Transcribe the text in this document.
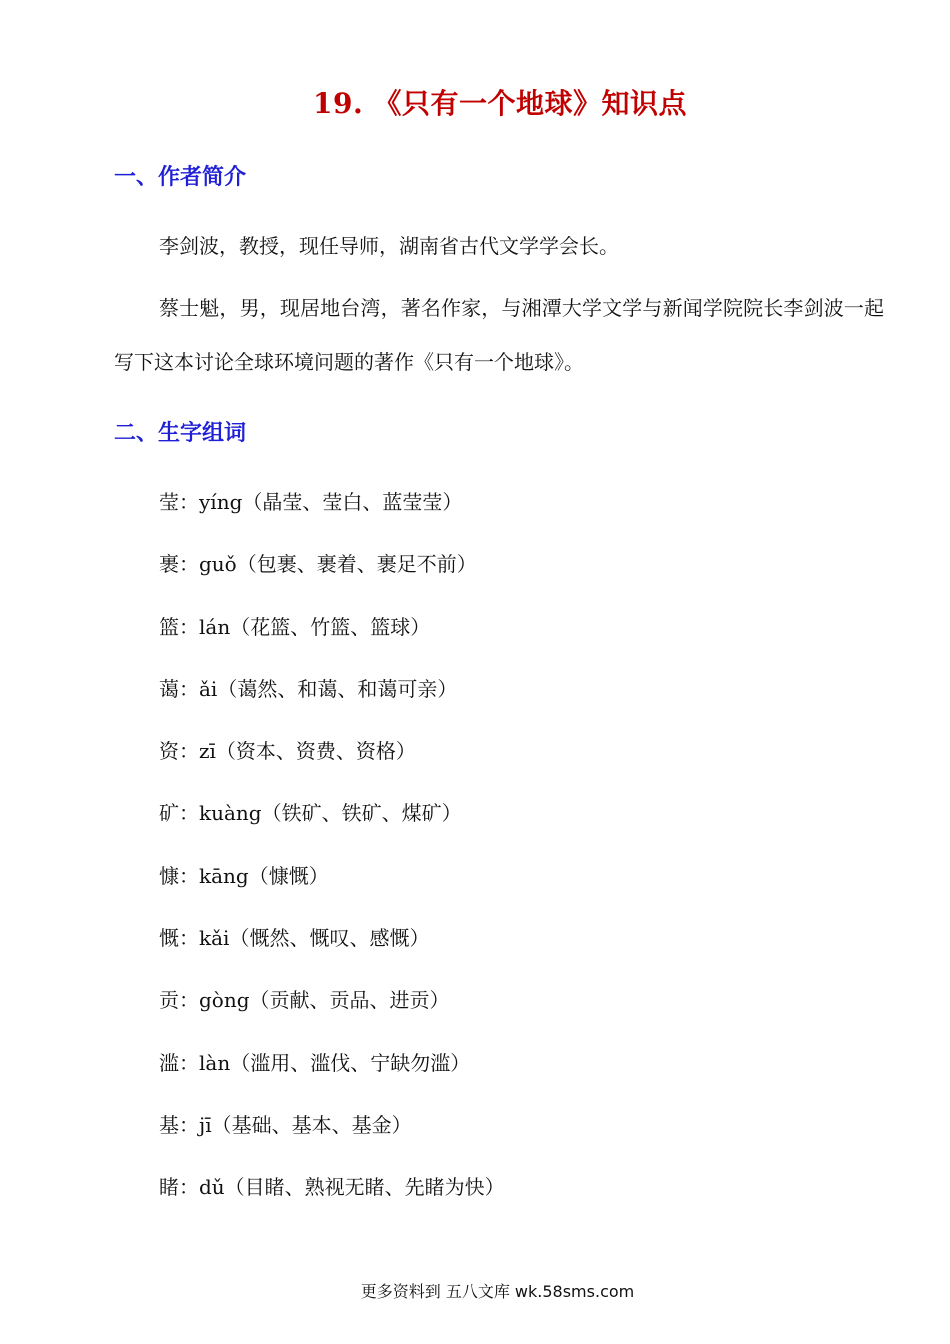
19. 《只有一个地球》知识点
一、作者简介

李剑波，教授，现任导师，湖南省古代文学学会长。

蔡士魁，男，现居地台湾，著名作家，与湘潭大学文学与新闻学院院长李剑波一起写下这本讨论全球环境问题的著作《只有一个地球》。

二、生字组词
莹：yíng（晶莹、莹白、蓝莹莹）
裹：guǒ（包裹、裹着、裹足不前）
篮：lán（花篮、竹篮、篮球）
蔼：ǎi（蔼然、和蔼、和蔼可亲）
资：zī（资本、资费、资格）
矿：kuàng（铁矿、铁矿、煤矿）
慷：kāng（慷慨）
慨：kǎi（慨然、慨叹、感慨）
贡：gòng（贡献、贡品、进贡）
滥：làn（滥用、滥伐、宁缺勿滥）
基：jī（基础、基本、基金）
睹：dǔ（目睹、熟视无睹、先睹为快）
更多资料到 五八文库 wk.58sms.com
